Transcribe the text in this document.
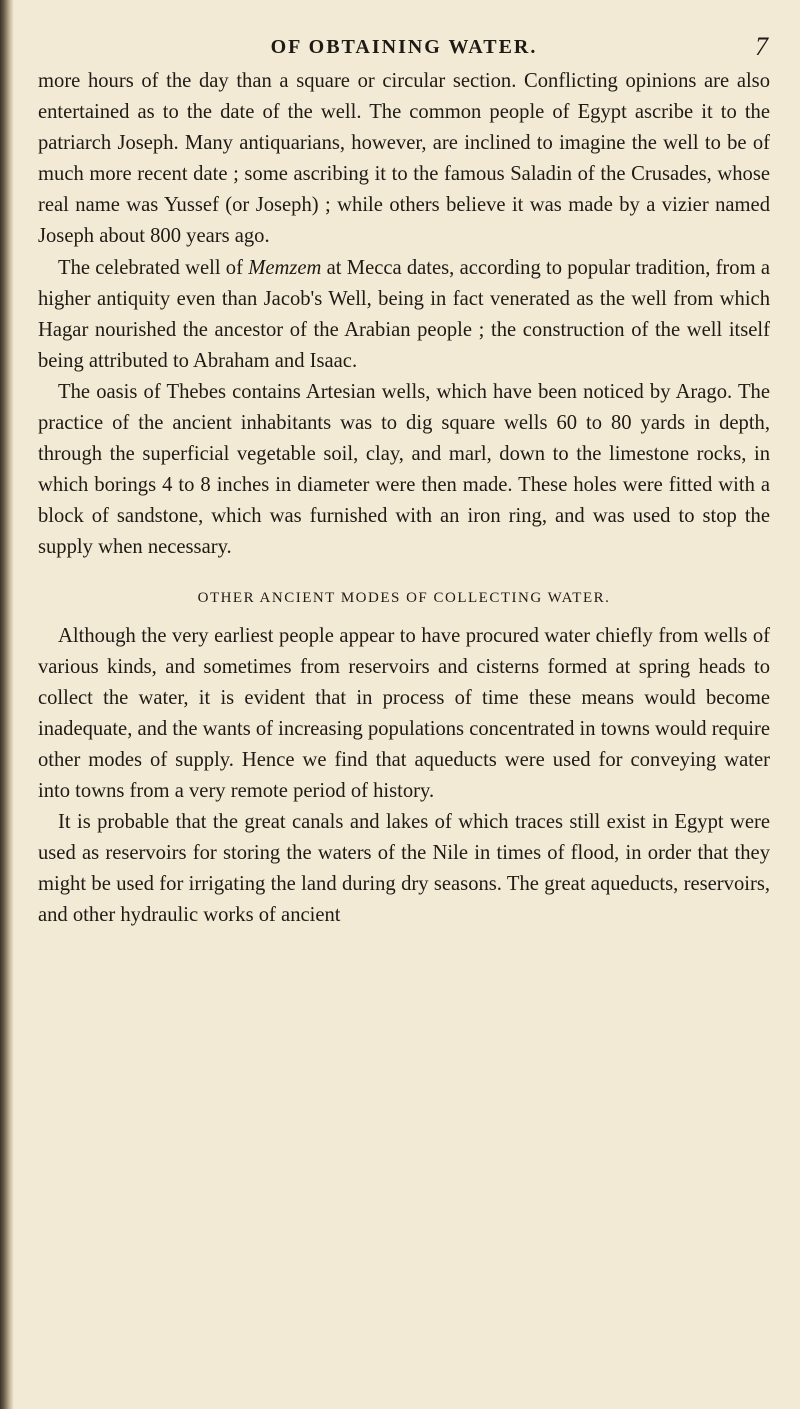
OF OBTAINING WATER.	7

more hours of the day than a square or circular section. Conflicting opinions are also entertained as to the date of the well. The common people of Egypt ascribe it to the patriarch Joseph. Many antiquarians, however, are inclined to imagine the well to be of much more recent date ; some ascribing it to the famous Saladin of the Crusades, whose real name was Yussef (or Joseph) ; while others believe it was made by a vizier named Joseph about 800 years ago.

The celebrated well of Memzem at Mecca dates, according to popular tradition, from a higher antiquity even than Jacob's Well, being in fact venerated as the well from which Hagar nourished the ancestor of the Arabian people ; the construction of the well itself being attributed to Abraham and Isaac.

The oasis of Thebes contains Artesian wells, which have been noticed by Arago. The practice of the ancient inhabitants was to dig square wells 60 to 80 yards in depth, through the superficial vegetable soil, clay, and marl, down to the limestone rocks, in which borings 4 to 8 inches in diameter were then made. These holes were fitted with a block of sandstone, which was furnished with an iron ring, and was used to stop the supply when necessary.

OTHER ANCIENT MODES OF COLLECTING WATER.

Although the very earliest people appear to have procured water chiefly from wells of various kinds, and sometimes from reservoirs and cisterns formed at spring heads to collect the water, it is evident that in process of time these means would become inadequate, and the wants of increasing populations concentrated in towns would require other modes of supply. Hence we find that aqueducts were used for conveying water into towns from a very remote period of history.

It is probable that the great canals and lakes of which traces still exist in Egypt were used as reservoirs for storing the waters of the Nile in times of flood, in order that they might be used for irrigating the land during dry seasons. The great aqueducts, reservoirs, and other hydraulic works of ancient
